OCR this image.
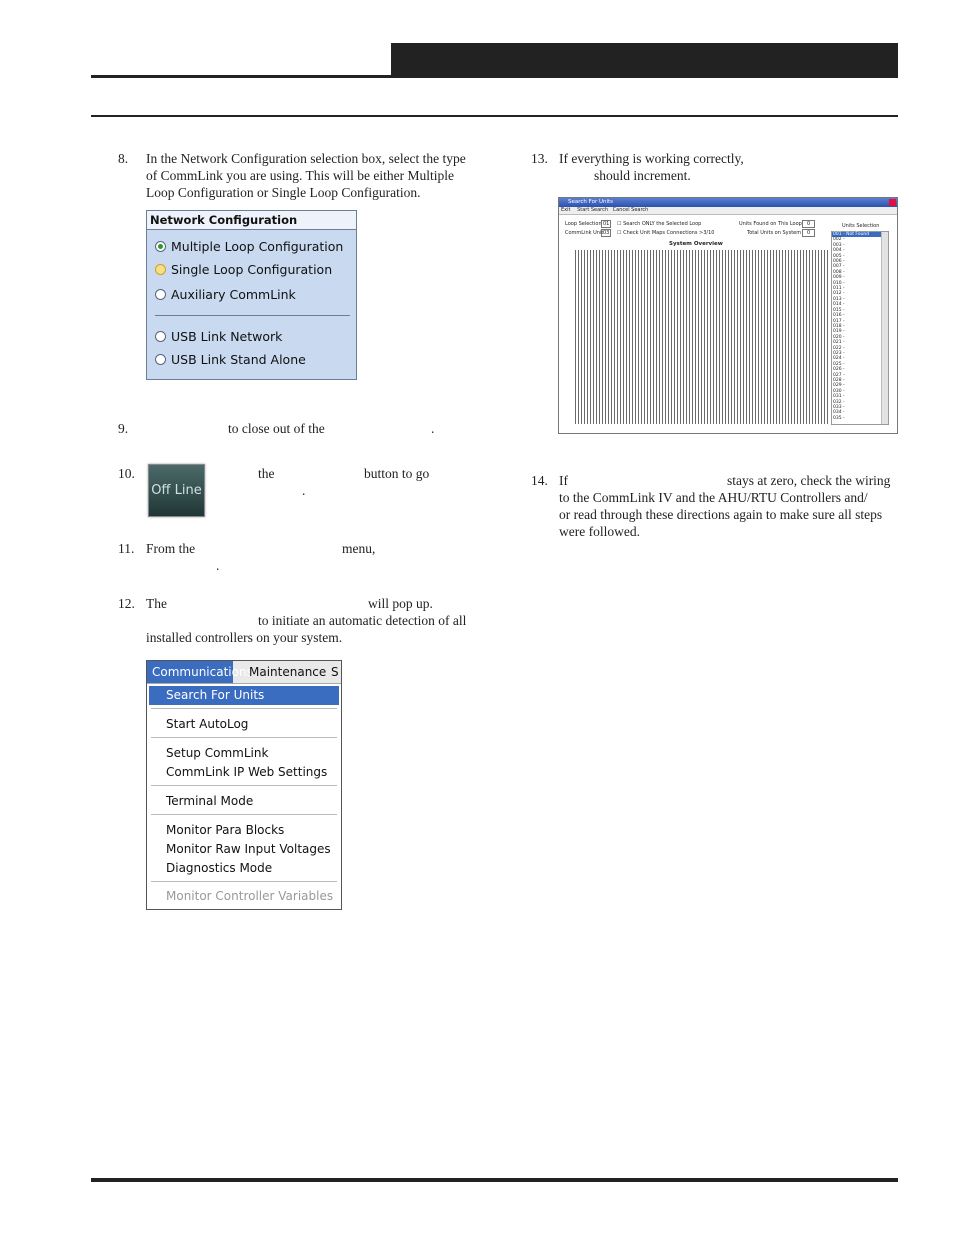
8.	In the Network Configuration selection box, select the type
of CommLink you are using. This will be either Multiple
Loop Configuration or Single Loop Configuration.
Network Configuration
Multiple Loop Configuration
Single Loop Configuration
Auxiliary CommLink
USB Link Network
USB Link Stand Alone
9.	to close out of the	.
10.	the	button to go
.
Off Line
11. From the	menu,
.
12. The	will pop up.
to initiate an automatic detection of all
installed controllers on your system.
Communications
Maintenance S
Search For Units
Start AutoLog
Setup CommLink
CommLink IP Web Settings
Terminal Mode
Monitor Para Blocks
Monitor Raw Input Voltages
Diagnostics Mode
Monitor Controller Variables
13. If everything is working correctly,
should increment.
Search For Units
Exit Start Search Cancel Search
Loop Selection 01
CommLink Unit 03
☐ Search ONLY the Selected Loop
☐ Check Unit Maps Connections >3/10
Units Found on This Loop	0
Total Units on System	0
Units Selection
System Overview
001 - Not Found
002 -
003 -
004 -
005 -
006 -
007 -
008 -
009 -
010 -
011 -
012 -
013 -
014 -
015 -
016 -
017 -
018 -
019 -
020 -
021 -
022 -
023 -
024 -
025 -
026 -
027 -
028 -
029 -
030 -
031 -
032 -
033 -
034 -
035 -
14. If	stays at zero, check the wiring
to the CommLink IV and the AHU/RTU Controllers and/
or read through these directions again to make sure all steps
were followed.
